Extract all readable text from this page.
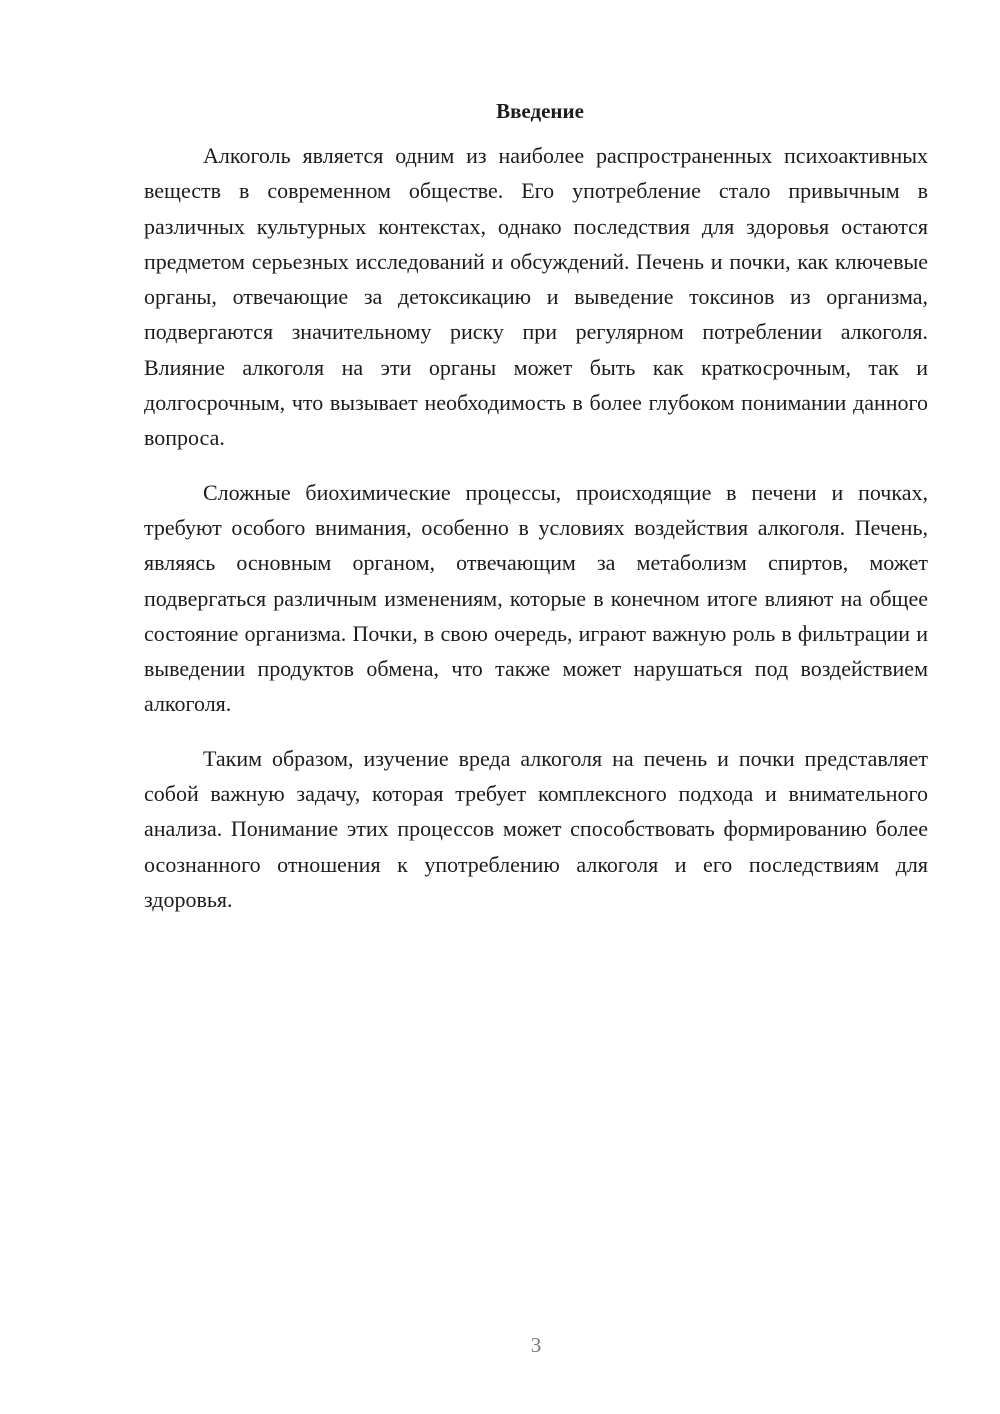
Введение

Алкоголь является одним из наиболее распространенных психоактивных веществ в современном обществе. Его употребление стало привычным в различных культурных контекстах, однако последствия для здоровья остаются предметом серьезных исследований и обсуждений. Печень и почки, как ключевые органы, отвечающие за детоксикацию и выведение токсинов из организма, подвергаются значительному риску при регулярном потреблении алкоголя. Влияние алкоголя на эти органы может быть как краткосрочным, так и долгосрочным, что вызывает необходимость в более глубоком понимании данного вопроса.

Сложные биохимические процессы, происходящие в печени и почках, требуют особого внимания, особенно в условиях воздействия алкоголя. Печень, являясь основным органом, отвечающим за метаболизм спиртов, может подвергаться различным изменениям, которые в конечном итоге влияют на общее состояние организма. Почки, в свою очередь, играют важную роль в фильтрации и выведении продуктов обмена, что также может нарушаться под воздействием алкоголя.

Таким образом, изучение вреда алкоголя на печень и почки представляет собой важную задачу, которая требует комплексного подхода и внимательного анализа. Понимание этих процессов может способствовать формированию более осознанного отношения к употреблению алкоголя и его последствиям для здоровья.

3
